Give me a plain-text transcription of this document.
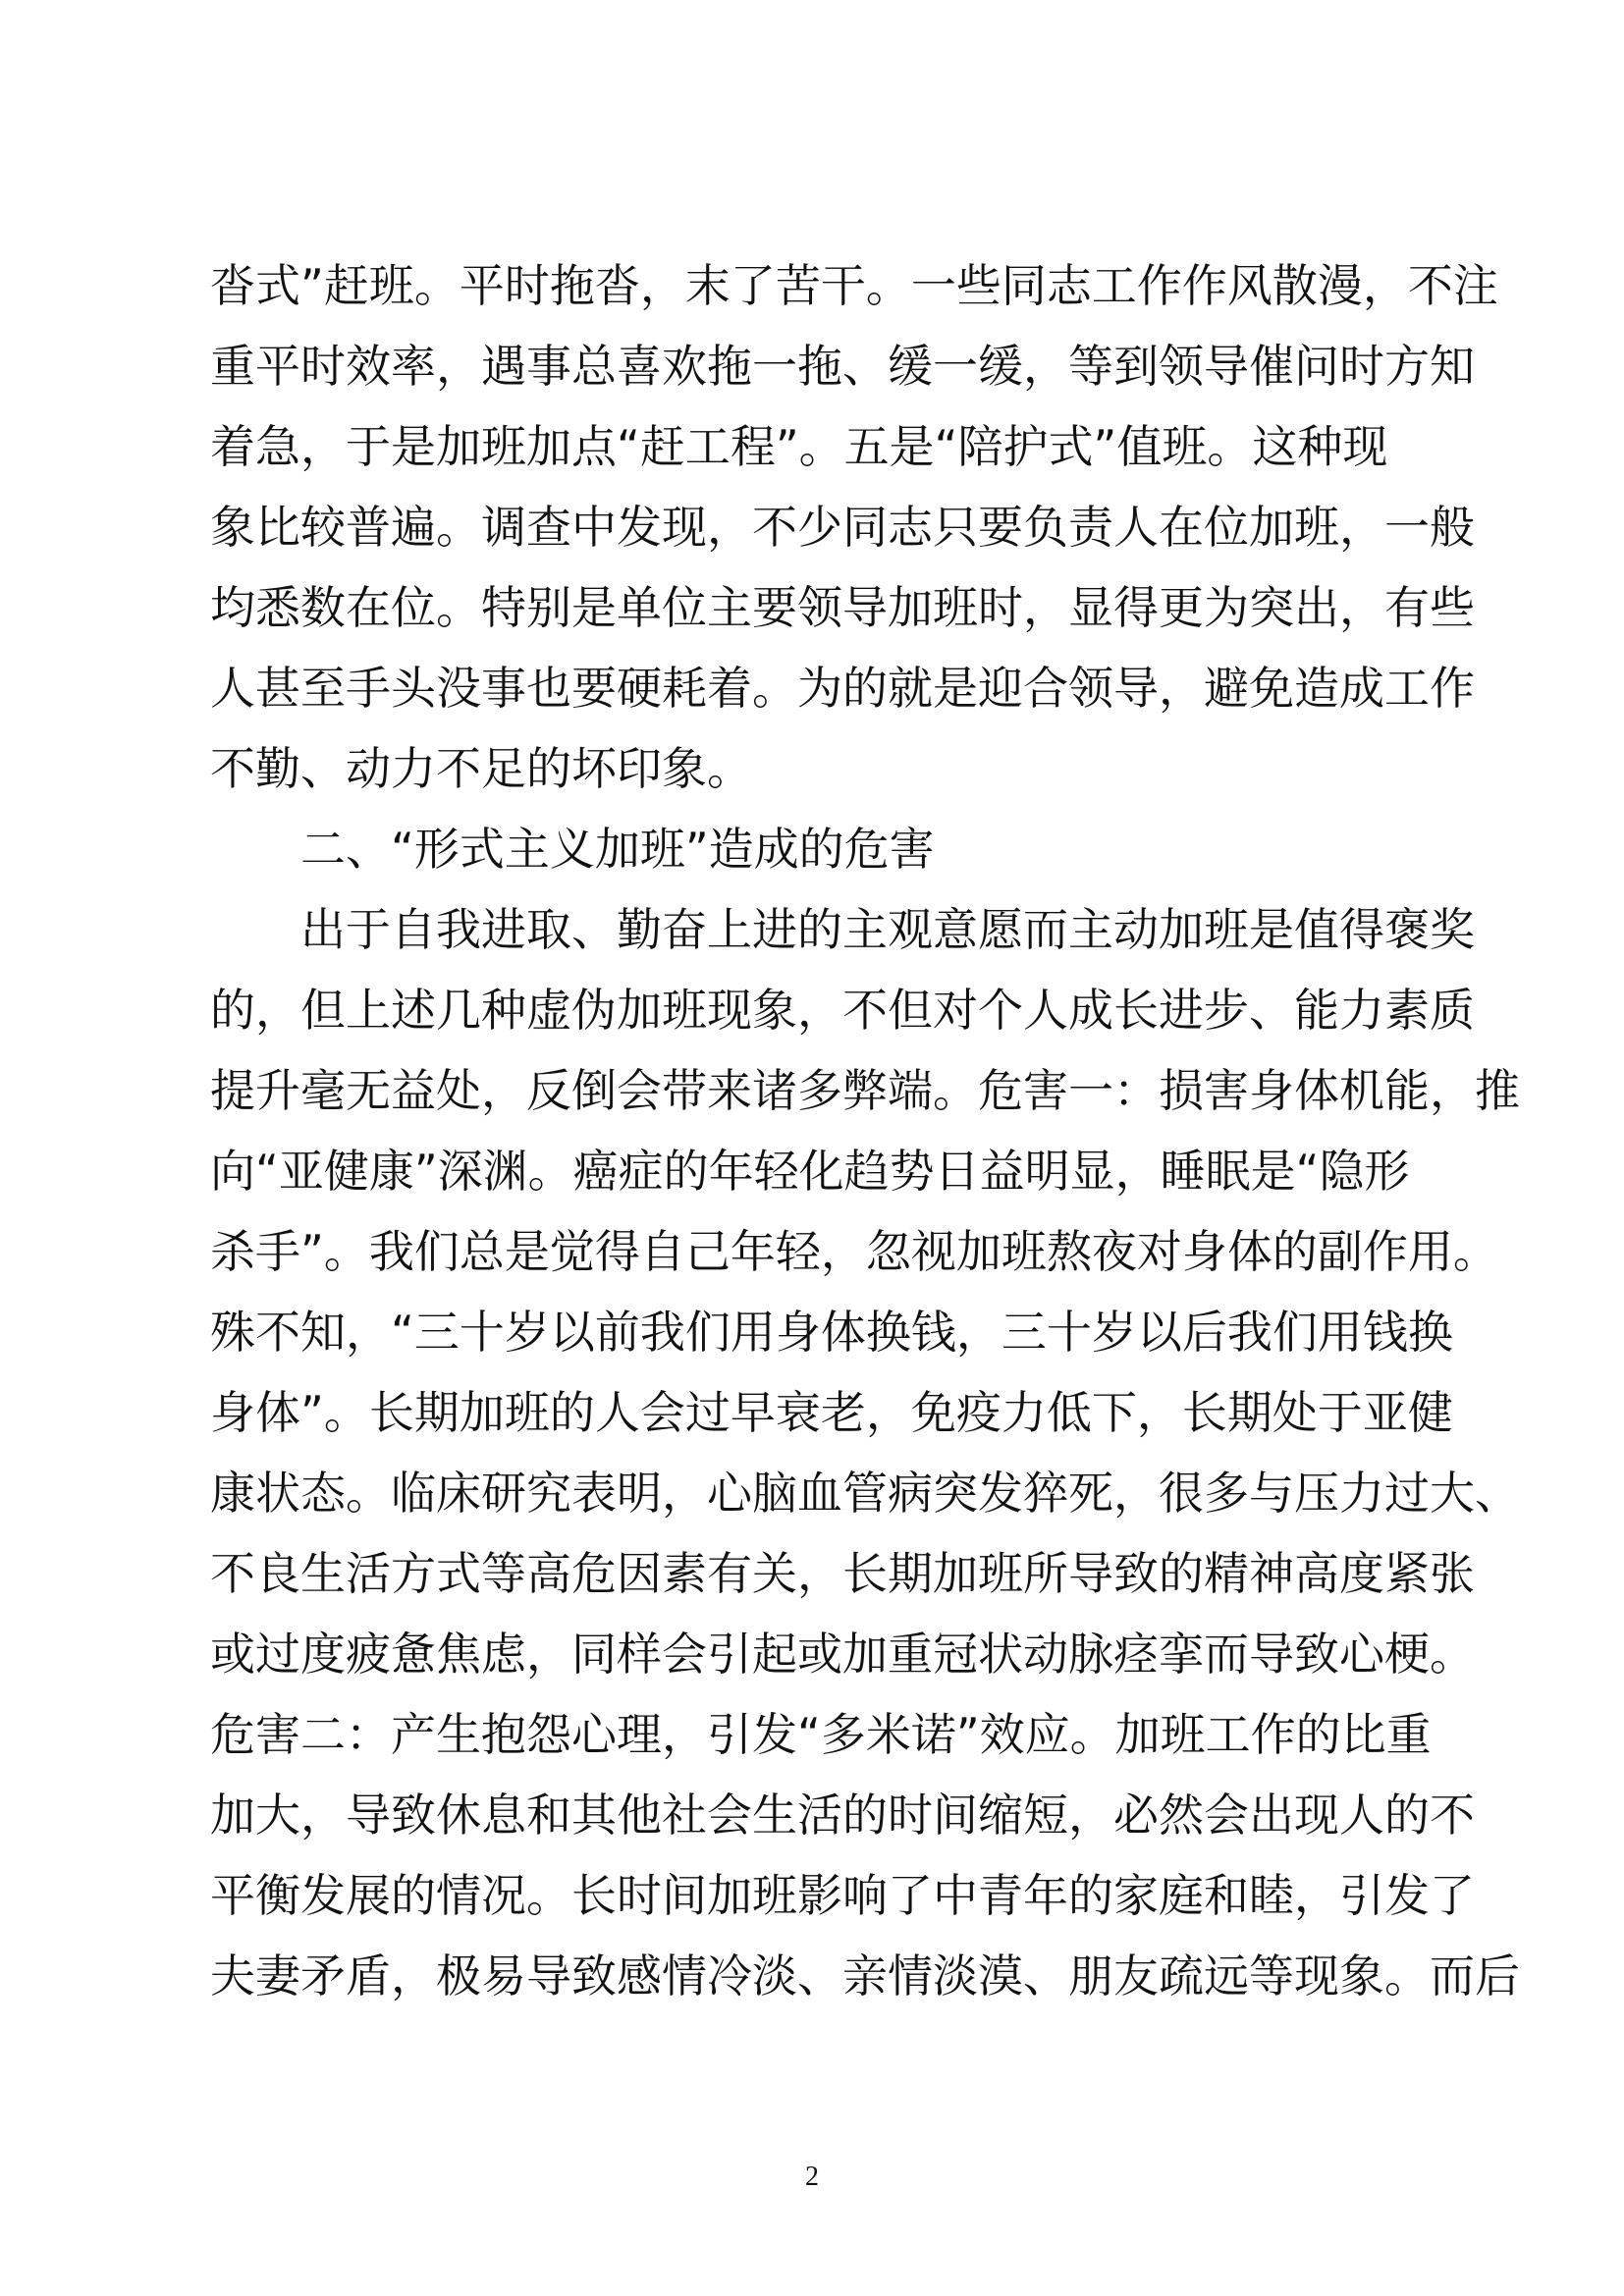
沓式”赶班。平时拖沓，末了苦干。一些同志工作作风散漫，不注

重平时效率，遇事总喜欢拖一拖、缓一缓，等到领导催问时方知

着急，于是加班加点“赶工程”。五是“陪护式”值班。这种现

象比较普遍。调查中发现，不少同志只要负责人在位加班，一般

均悉数在位。特别是单位主要领导加班时，显得更为突出，有些

人甚至手头没事也要硬耗着。为的就是迎合领导，避免造成工作

不勤、动力不足的坏印象。

二、“形式主义加班”造成的危害

出于自我进取、勤奋上进的主观意愿而主动加班是值得褒奖

的，但上述几种虚伪加班现象，不但对个人成长进步、能力素质

提升毫无益处，反倒会带来诸多弊端。危害一：损害身体机能，推

向“亚健康”深渊。癌症的年轻化趋势日益明显，睡眠是“隐形

杀手”。我们总是觉得自己年轻，忽视加班熬夜对身体的副作用。

殊不知，“三十岁以前我们用身体换钱，三十岁以后我们用钱换

身体”。长期加班的人会过早衰老，免疫力低下，长期处于亚健

康状态。临床研究表明，心脑血管病突发猝死，很多与压力过大、

不良生活方式等高危因素有关，长期加班所导致的精神高度紧张

或过度疲惫焦虑，同样会引起或加重冠状动脉痉挛而导致心梗。

危害二：产生抱怨心理，引发“多米诺”效应。加班工作的比重

加大，导致休息和其他社会生活的时间缩短，必然会出现人的不

平衡发展的情况。长时间加班影响了中青年的家庭和睦，引发了

夫妻矛盾，极易导致感情冷淡、亲情淡漠、朋友疏远等现象。而后

2
